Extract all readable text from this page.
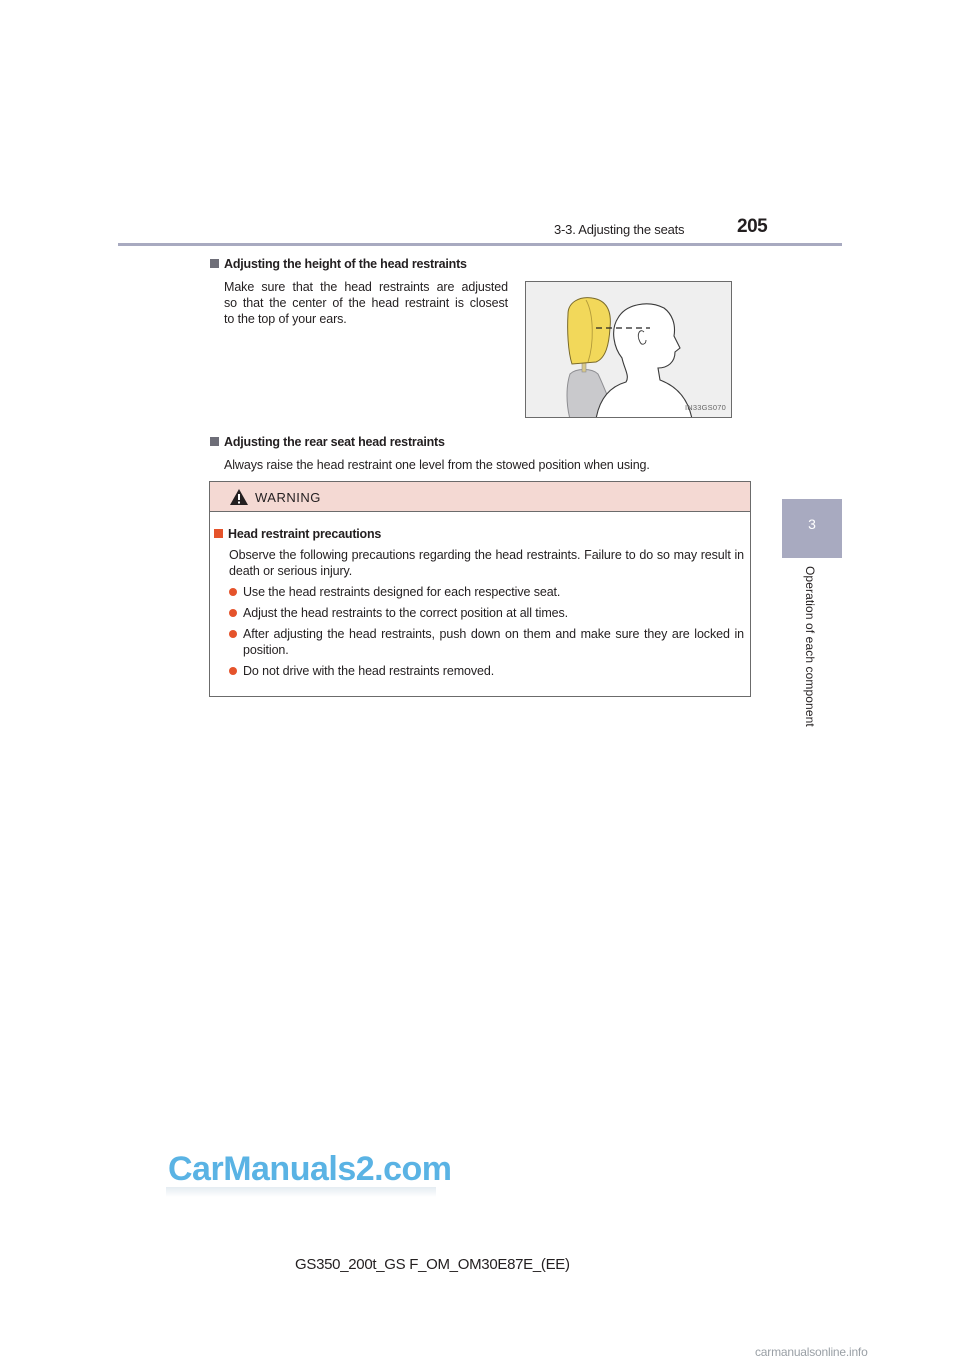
3-3. Adjusting the seats	205
3
Operation of each component
Adjusting the height of the head restraints
Make sure that the head restraints are adjusted
so that the center of the head restraint is closest
to the top of your ears.
IN33GS070
Adjusting the rear seat head restraints
Always raise the head restraint one level from the stowed position when using.
WARNING
Head restraint precautions
Observe the following precautions regarding the head restraints. Failure to do so may result in death or serious injury.
Use the head restraints designed for each respective seat.
Adjust the head restraints to the correct position at all times.
After adjusting the head restraints, push down on them and make sure they are locked in position.
Do not drive with the head restraints removed.
CarManuals2.com
GS350_200t_GS F_OM_OM30E87E_(EE)
carmanualsonline.info
